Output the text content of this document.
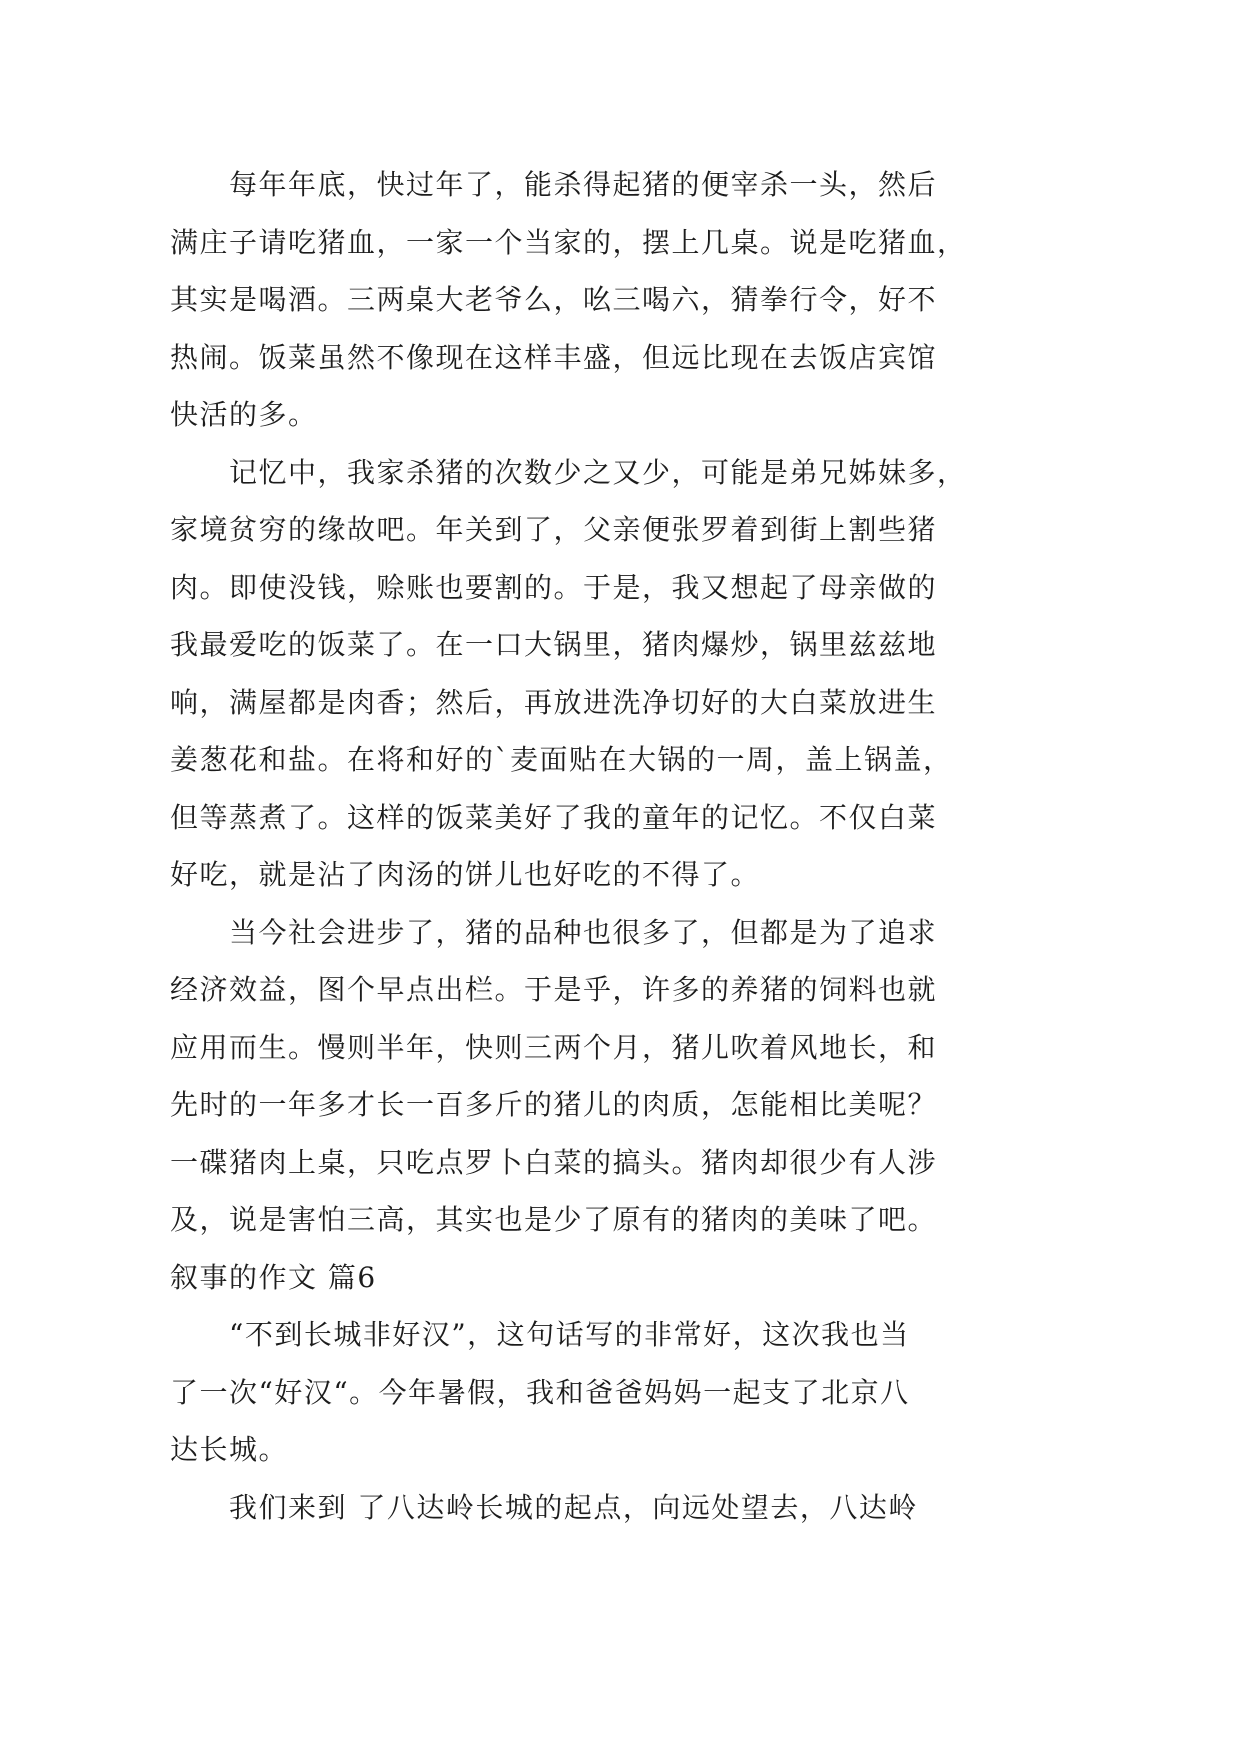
每年年底，快过年了，能杀得起猪的便宰杀一头，然后
满庄子请吃猪血，一家一个当家的，摆上几桌。说是吃猪血，
其实是喝酒。三两桌大老爷么，吆三喝六，猜拳行令，好不
热闹。饭菜虽然不像现在这样丰盛，但远比现在去饭店宾馆
快活的多。
记忆中，我家杀猪的次数少之又少，可能是弟兄姊妹多，
家境贫穷的缘故吧。年关到了，父亲便张罗着到街上割些猪
肉。即使没钱，赊账也要割的。于是，我又想起了母亲做的
我最爱吃的饭菜了。在一口大锅里，猪肉爆炒，锅里兹兹地
响，满屋都是肉香；然后，再放进洗净切好的大白菜放进生
姜葱花和盐。在将和好的`麦面贴在大锅的一周，盖上锅盖，
但等蒸煮了。这样的饭菜美好了我的童年的记忆。不仅白菜
好吃，就是沾了肉汤的饼儿也好吃的不得了。
当今社会进步了，猪的品种也很多了，但都是为了追求
经济效益，图个早点出栏。于是乎，许多的养猪的饲料也就
应用而生。慢则半年，快则三两个月，猪儿吹着风地长，和
先时的一年多才长一百多斤的猪儿的肉质，怎能相比美呢？
一碟猪肉上桌，只吃点罗卜白菜的搞头。猪肉却很少有人涉
及，说是害怕三高，其实也是少了原有的猪肉的美味了吧。
叙事的作文 篇6
“不到长城非好汉”，这句话写的非常好，这次我也当
了一次“好汉“。今年暑假，我和爸爸妈妈一起支了北京八
达长城。
我们来到 了八达岭长城的起点，向远处望去，八达岭
